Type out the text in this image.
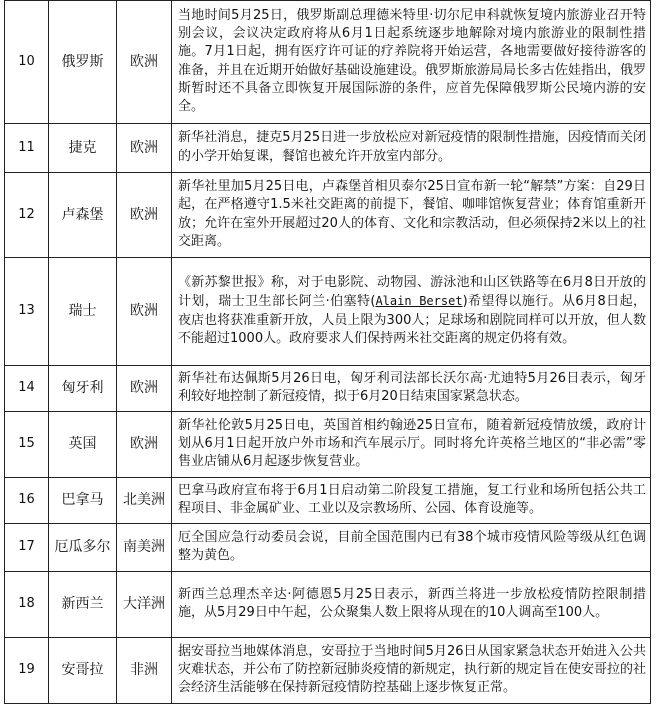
10	俄罗斯	欧洲	当地时间5月25日，俄罗斯副总理德米特里·切尔尼申科就恢复境内旅游业召开特别会议，会议决定政府将从6月1日起系统逐步地解除对境内旅游业的限制性措施。7月1日起，拥有医疗许可证的疗养院将开始运营，各地需要做好接待游客的准备，并且在近期开始做好基础设施建设。俄罗斯旅游局局长多古佐娃指出，俄罗斯暂时还不具备立即恢复开展国际游的条件，应首先保障俄罗斯公民境内游的安全。
11	捷克	欧洲	新华社消息，捷克5月25日进一步放松应对新冠疫情的限制性措施，因疫情而关闭的小学开始复课，餐馆也被允许开放室内部分。
12	卢森堡	欧洲	新华社里加5月25日电，卢森堡首相贝泰尔25日宣布新一轮“解禁”方案：自29日起，在严格遵守1.5米社交距离的前提下，餐馆、咖啡馆恢复营业；体育馆重新开放；允许在室外开展超过20人的体育、文化和宗教活动，但必须保持2米以上的社交距离。
13	瑞士	欧洲	《新苏黎世报》称，对于电影院、动物园、游泳池和山区铁路等在6月8日开放的计划，瑞士卫生部长阿兰·伯塞特(Alain Berset)希望得以施行。从6月8日起，夜店也将获准重新开放，人员上限为300人；足球场和剧院同样可以开放，但人数不能超过1000人。政府要求人们保持两米社交距离的规定仍将有效。
14	匈牙利	欧洲	新华社布达佩斯5月26日电，匈牙利司法部长沃尔高·尤迪特5月26日表示，匈牙利较好地控制了新冠疫情，拟于6月20日结束国家紧急状态。
15	英国	欧洲	新华社伦敦5月25日电，英国首相约翰逊25日宣布，随着新冠疫情放缓，政府计划从6月1日起开放户外市场和汽车展示厅。同时将允许英格兰地区的“非必需”零售业店铺从6月起逐步恢复营业。
16	巴拿马	北美洲	巴拿马政府宣布将于6月1日启动第二阶段复工措施，复工行业和场所包括公共工程项目、非金属矿业、工业以及宗教场所、公园、体育设施等。
17	厄瓜多尔	南美洲	厄全国应急行动委员会说，目前全国范围内已有38个城市疫情风险等级从红色调整为黄色。
18	新西兰	大洋洲	新西兰总理杰辛达·阿德恩5月25日表示，新西兰将进一步放松疫情防控限制措施，从5月29日中午起，公众聚集人数上限将从现在的10人调高至100人。
19	安哥拉	非洲	据安哥拉当地媒体消息，安哥拉于当地时间5月26日从国家紧急状态开始进入公共灾难状态，并公布了防控新冠肺炎疫情的新规定，执行新的规定旨在使安哥拉的社会经济生活能够在保持新冠疫情防控基础上逐步恢复正常。
